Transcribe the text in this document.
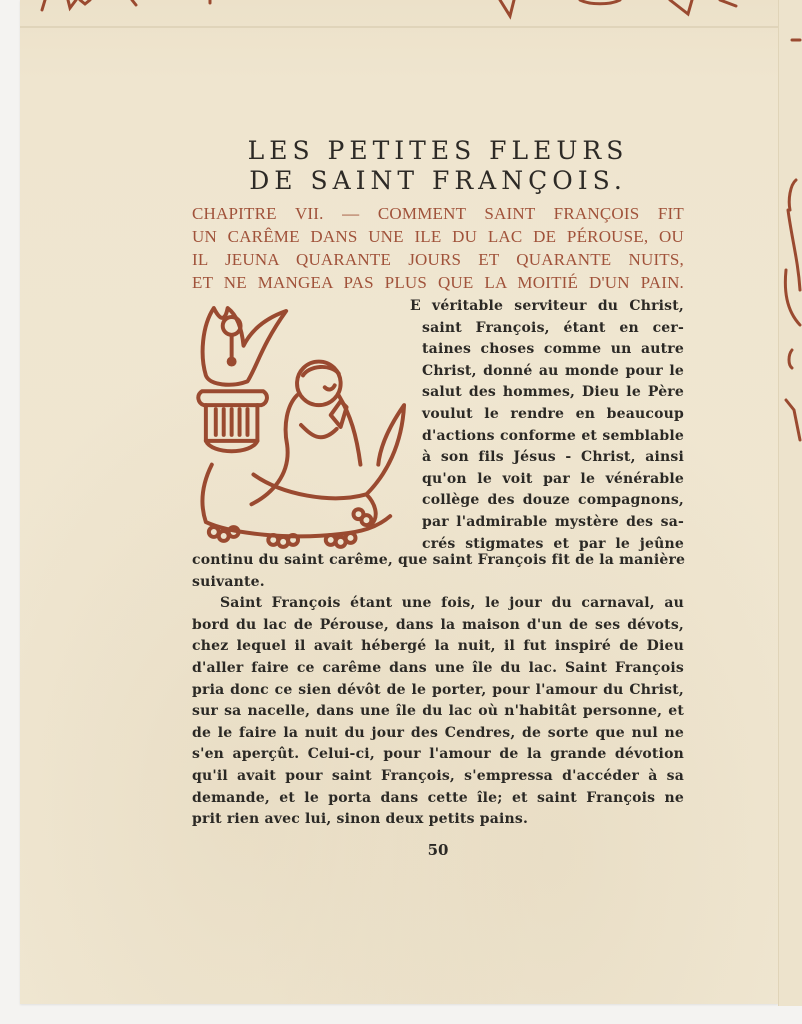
LES PETITES FLEURS
DE SAINT FRANÇOIS.
CHAPITRE VII. — COMMENT SAINT FRANÇOIS FIT
UN CARÊME DANS UNE ILE DU LAC DE PÉROUSE, OU
IL JEUNA QUARANTE JOURS ET QUARANTE NUITS,
ET NE MANGEA PAS PLUS QUE LA MOITIÉ D'UN PAIN.
E véritable serviteur du Christ,
saint François, étant en cer-
taines choses comme un autre
Christ, donné au monde pour le
salut des hommes, Dieu le Père
voulut le rendre en beaucoup
d'actions conforme et semblable
à son fils Jésus - Christ, ainsi
qu'on le voit par le vénérable
collège des douze compagnons,
par l'admirable mystère des sa-
crés stigmates et par le jeûne
continu du saint carême, que saint François fit de la manière
suivante.
Saint François étant une fois, le jour du carnaval, au
bord du lac de Pérouse, dans la maison d'un de ses dévots,
chez lequel il avait hébergé la nuit, il fut inspiré de Dieu
d'aller faire ce carême dans une île du lac. Saint François
pria donc ce sien dévôt de le porter, pour l'amour du Christ,
sur sa nacelle, dans une île du lac où n'habitât personne, et
de le faire la nuit du jour des Cendres, de sorte que nul ne
s'en aperçût. Celui-ci, pour l'amour de la grande dévotion
qu'il avait pour saint François, s'empressa d'accéder à sa
demande, et le porta dans cette île; et saint François ne
prit rien avec lui, sinon deux petits pains.
50
